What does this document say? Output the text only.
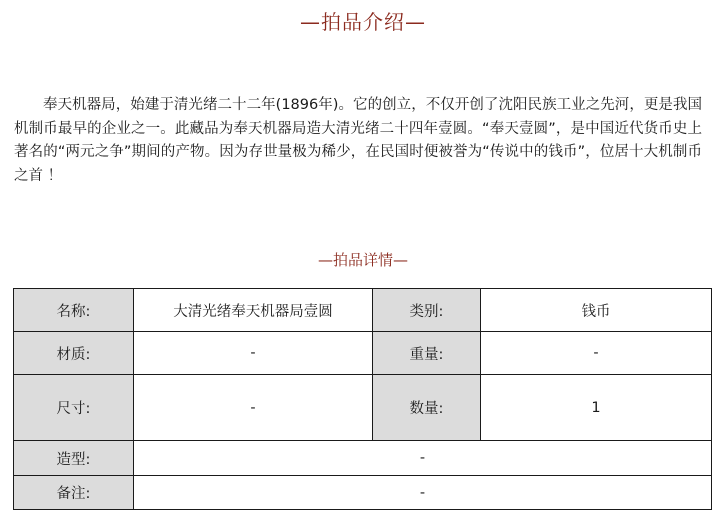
—拍品介绍—

奉天机器局，始建于清光绪二十二年(1896年)。它的创立，不仅开创了沈阳民族工业之先河，更是我国机制币最早的企业之一。此藏品为奉天机器局造大清光绪二十四年壹圆。“奉天壹圆”，是中国近代货币史上著名的“两元之争”期间的产物。因为存世量极为稀少，在民国时便被誉为“传说中的钱币”，位居十大机制币之首 ！

—拍品详情—
名称:	大清光绪奉天机器局壹圆	类别:	钱币
材质:	-	重量:	-
尺寸:	-	数量:	1
造型:	-		
备注:	-		
